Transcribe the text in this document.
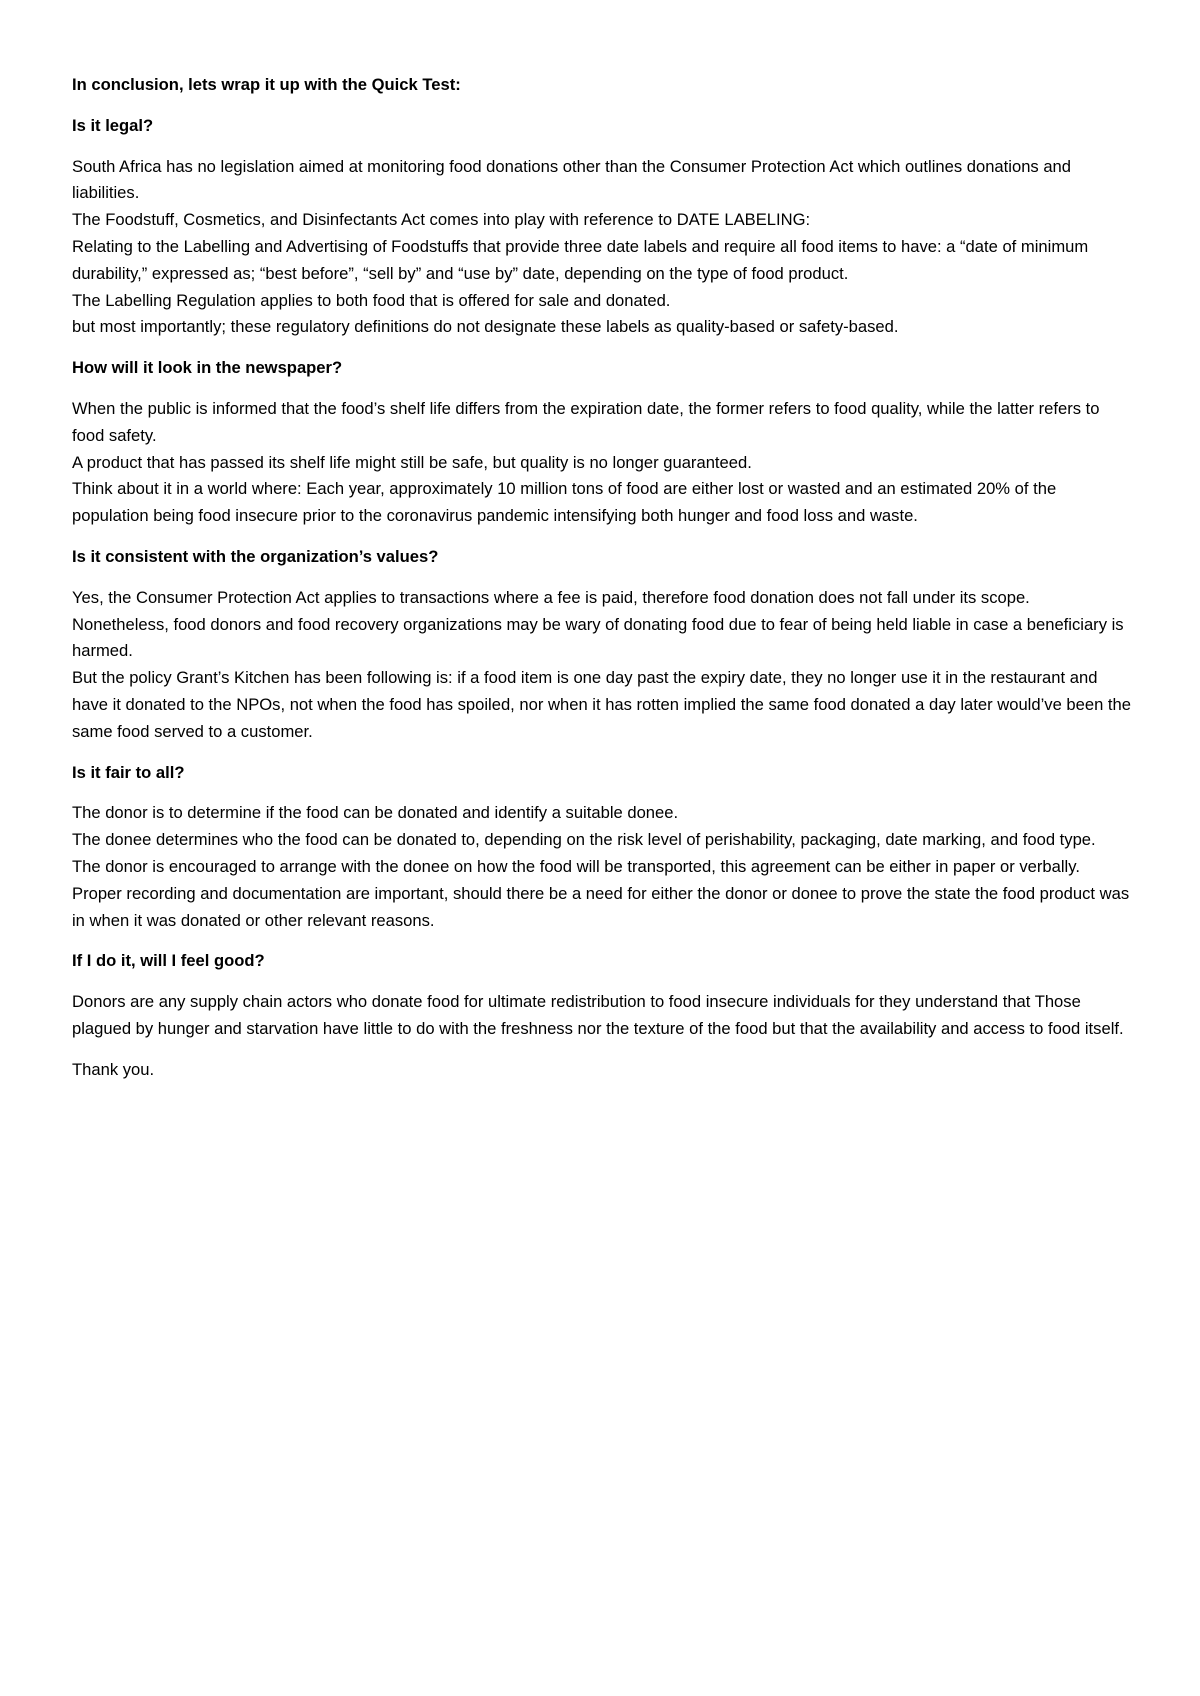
In conclusion, lets wrap it up with the Quick Test:

Is it legal?

South Africa has no legislation aimed at monitoring food donations other than the Consumer Protection Act which outlines donations and liabilities.

The Foodstuff, Cosmetics, and Disinfectants Act comes into play with reference to DATE LABELING:

Relating to the Labelling and Advertising of Foodstuffs that provide three date labels and require all food items to have: a “date of minimum durability,” expressed as; “best before”, “sell by” and “use by” date, depending on the type of food product.

The Labelling Regulation applies to both food that is offered for sale and donated.

but most importantly; these regulatory definitions do not designate these labels as quality-based or safety-based.

How will it look in the newspaper?

When the public is informed that the food’s shelf life differs from the expiration date, the former refers to food quality, while the latter refers to food safety.

A product that has passed its shelf life might still be safe, but quality is no longer guaranteed.

Think about it in a world where: Each year, approximately 10 million tons of food are either lost or wasted and an estimated 20% of the population being food insecure prior to the coronavirus pandemic intensifying both hunger and food loss and waste.

Is it consistent with the organization’s values?

Yes, the Consumer Protection Act applies to transactions where a fee is paid, therefore food donation does not fall under its scope.

Nonetheless, food donors and food recovery organizations may be wary of donating food due to fear of being held liable in case a beneficiary is harmed.

But the policy Grant’s Kitchen has been following is: if a food item is one day past the expiry date, they no longer use it in the restaurant and have it donated to the NPOs, not when the food has spoiled, nor when it has rotten implied the same food donated a day later would’ve been the same food served to a customer.

Is it fair to all?

The donor is to determine if the food can be donated and identify a suitable donee.

The donee determines who the food can be donated to, depending on the risk level of perishability, packaging, date marking, and food type.

The donor is encouraged to arrange with the donee on how the food will be transported, this agreement can be either in paper or verbally.

Proper recording and documentation are important, should there be a need for either the donor or donee to prove the state the food product was in when it was donated or other relevant reasons.

If I do it, will I feel good?

Donors are any supply chain actors who donate food for ultimate redistribution to food insecure individuals for they understand that Those plagued by hunger and starvation have little to do with the freshness nor the texture of the food but that the availability and access to food itself.

Thank you.
